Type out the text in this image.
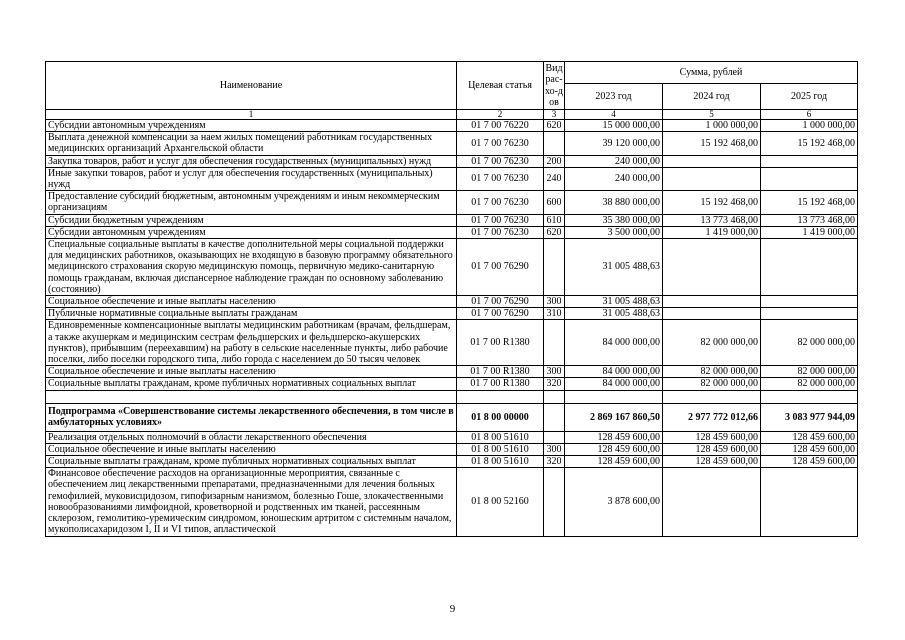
Наименование	Целевая статья	Вид рас-хо-дов	Сумма, рублей		
			2023 год	2024 год	2025 год
1	2	3	4	5	6
Субсидии автономным учреждениям	01 7 00 76220	620	15 000 000,00	1 000 000,00	1 000 000,00
Выплата денежной компенсации за наем жилых помещений работникам государственных медицинских организаций Архангельской области	01 7 00 76230		39 120 000,00	15 192 468,00	15 192 468,00
Закупка товаров, работ и услуг для обеспечения государственных (муниципальных) нужд	01 7 00 76230	200	240 000,00		
Иные закупки товаров, работ и услуг для обеспечения государственных (муниципальных) нужд	01 7 00 76230	240	240 000,00		
Предоставление субсидий бюджетным, автономным учреждениям и иным некоммерческим организациям	01 7 00 76230	600	38 880 000,00	15 192 468,00	15 192 468,00
Субсидии бюджетным учреждениям	01 7 00 76230	610	35 380 000,00	13 773 468,00	13 773 468,00
Субсидии автономным учреждениям	01 7 00 76230	620	3 500 000,00	1 419 000,00	1 419 000,00
Специальные социальные выплаты в качестве дополнительной меры социальной поддержки для медицинских работников, оказывающих не входящую в базовую программу обязательного медицинского страхования скорую медицинскую помощь, первичную медико-санитарную помощь гражданам, включая диспансерное наблюдение граждан по основному заболеванию (состоянию)	01 7 00 76290		31 005 488,63		
Социальное обеспечение и иные выплаты населению	01 7 00 76290	300	31 005 488,63		
Публичные нормативные социальные выплаты гражданам	01 7 00 76290	310	31 005 488,63		
Единовременные компенсационные выплаты медицинским работникам (врачам, фельдшерам, а также акушеркам и медицинским сестрам фельдшерских и фельдшерско-акушерских пунктов), прибывшим (переехавшим) на работу в сельские населенные пункты, либо рабочие поселки, либо поселки городского типа, либо города с населением до 50 тысяч человек	01 7 00 R1380		84 000 000,00	82 000 000,00	82 000 000,00
Социальное обеспечение и иные выплаты населению	01 7 00 R1380	300	84 000 000,00	82 000 000,00	82 000 000,00
Социальные выплаты гражданам, кроме публичных нормативных социальных выплат	01 7 00 R1380	320	84 000 000,00	82 000 000,00	82 000 000,00

Подпрограмма «Совершенствование системы лекарственного обеспечения, в том числе в амбулаторных условиях»	01 8 00 00000		2 869 167 860,50	2 977 772 012,66	3 083 977 944,09
Реализация отдельных полномочий в области лекарственного обеспечения	01 8 00 51610		128 459 600,00	128 459 600,00	128 459 600,00
Социальное обеспечение и иные выплаты населению	01 8 00 51610	300	128 459 600,00	128 459 600,00	128 459 600,00
Социальные выплаты гражданам, кроме публичных нормативных социальных выплат	01 8 00 51610	320	128 459 600,00	128 459 600,00	128 459 600,00
Финансовое обеспечение расходов на организационные мероприятия, связанные с обеспечением лиц лекарственными препаратами, предназначенными для лечения больных гемофилией, муковисцидозом, гипофизарным нанизмом, болезнью Гоше, злокачественными новообразованиями лимфоидной, кроветворной и родственных им тканей, рассеянным склерозом, гемолитико-уремическим синдромом, юношеским артритом с системным началом, мукополисахаридозом I, II и VI типов, апластической	01 8 00 52160		3 878 600,00		
9
